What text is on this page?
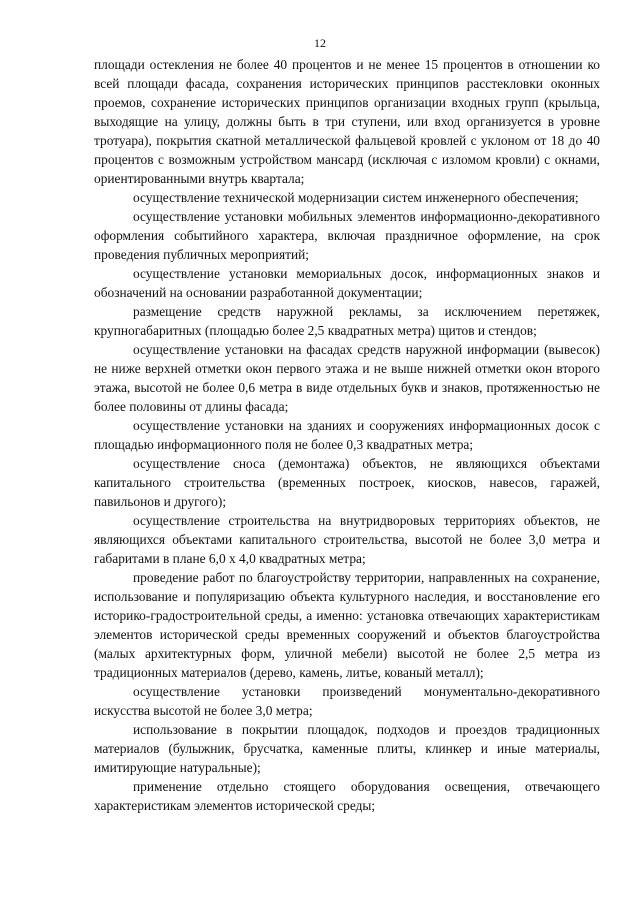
12

площади остекления не более 40 процентов и не менее 15 процентов в отношении ко всей площади фасада, сохранения исторических принципов расстекловки оконных проемов, сохранение исторических принципов организации входных групп (крыльца, выходящие на улицу, должны быть в три ступени, или вход организуется в уровне тротуара), покрытия скатной металлической фальцевой кровлей с уклоном от 18 до 40 процентов с возможным устройством мансард (исключая с изломом кровли) с окнами, ориентированными внутрь квартала;

осуществление технической модернизации систем инженерного обеспечения;

осуществление установки мобильных элементов информационно-декоративного оформления событийного характера, включая праздничное оформление, на срок проведения публичных мероприятий;

осуществление установки мемориальных досок, информационных знаков и обозначений на основании разработанной документации;

размещение средств наружной рекламы, за исключением перетяжек, крупногабаритных (площадью более 2,5 квадратных метра) щитов и стендов;

осуществление установки на фасадах средств наружной информации (вывесок) не ниже верхней отметки окон первого этажа и не выше нижней отметки окон второго этажа, высотой не более 0,6 метра в виде отдельных букв и знаков, протяженностью не более половины от длины фасада;

осуществление установки на зданиях и сооружениях информационных досок с площадью информационного поля не более 0,3 квадратных метра;

осуществление сноса (демонтажа) объектов, не являющихся объектами капитального строительства (временных построек, киосков, навесов, гаражей, павильонов и другого);

осуществление строительства на внутридворовых территориях объектов, не являющихся объектами капитального строительства, высотой не более 3,0 метра и габаритами в плане 6,0 х 4,0 квадратных метра;

проведение работ по благоустройству территории, направленных на сохранение, использование и популяризацию объекта культурного наследия, и восстановление его историко-градостроительной среды, а именно: установка отвечающих характеристикам элементов исторической среды временных сооружений и объектов благоустройства (малых архитектурных форм, уличной мебели) высотой не более 2,5 метра из традиционных материалов (дерево, камень, литье, кованый металл);

осуществление установки произведений монументально-декоративного искусства высотой не более 3,0 метра;

использование в покрытии площадок, подходов и проездов традиционных материалов (булыжник, брусчатка, каменные плиты, клинкер и иные материалы, имитирующие натуральные);

применение отдельно стоящего оборудования освещения, отвечающего характеристикам элементов исторической среды;
